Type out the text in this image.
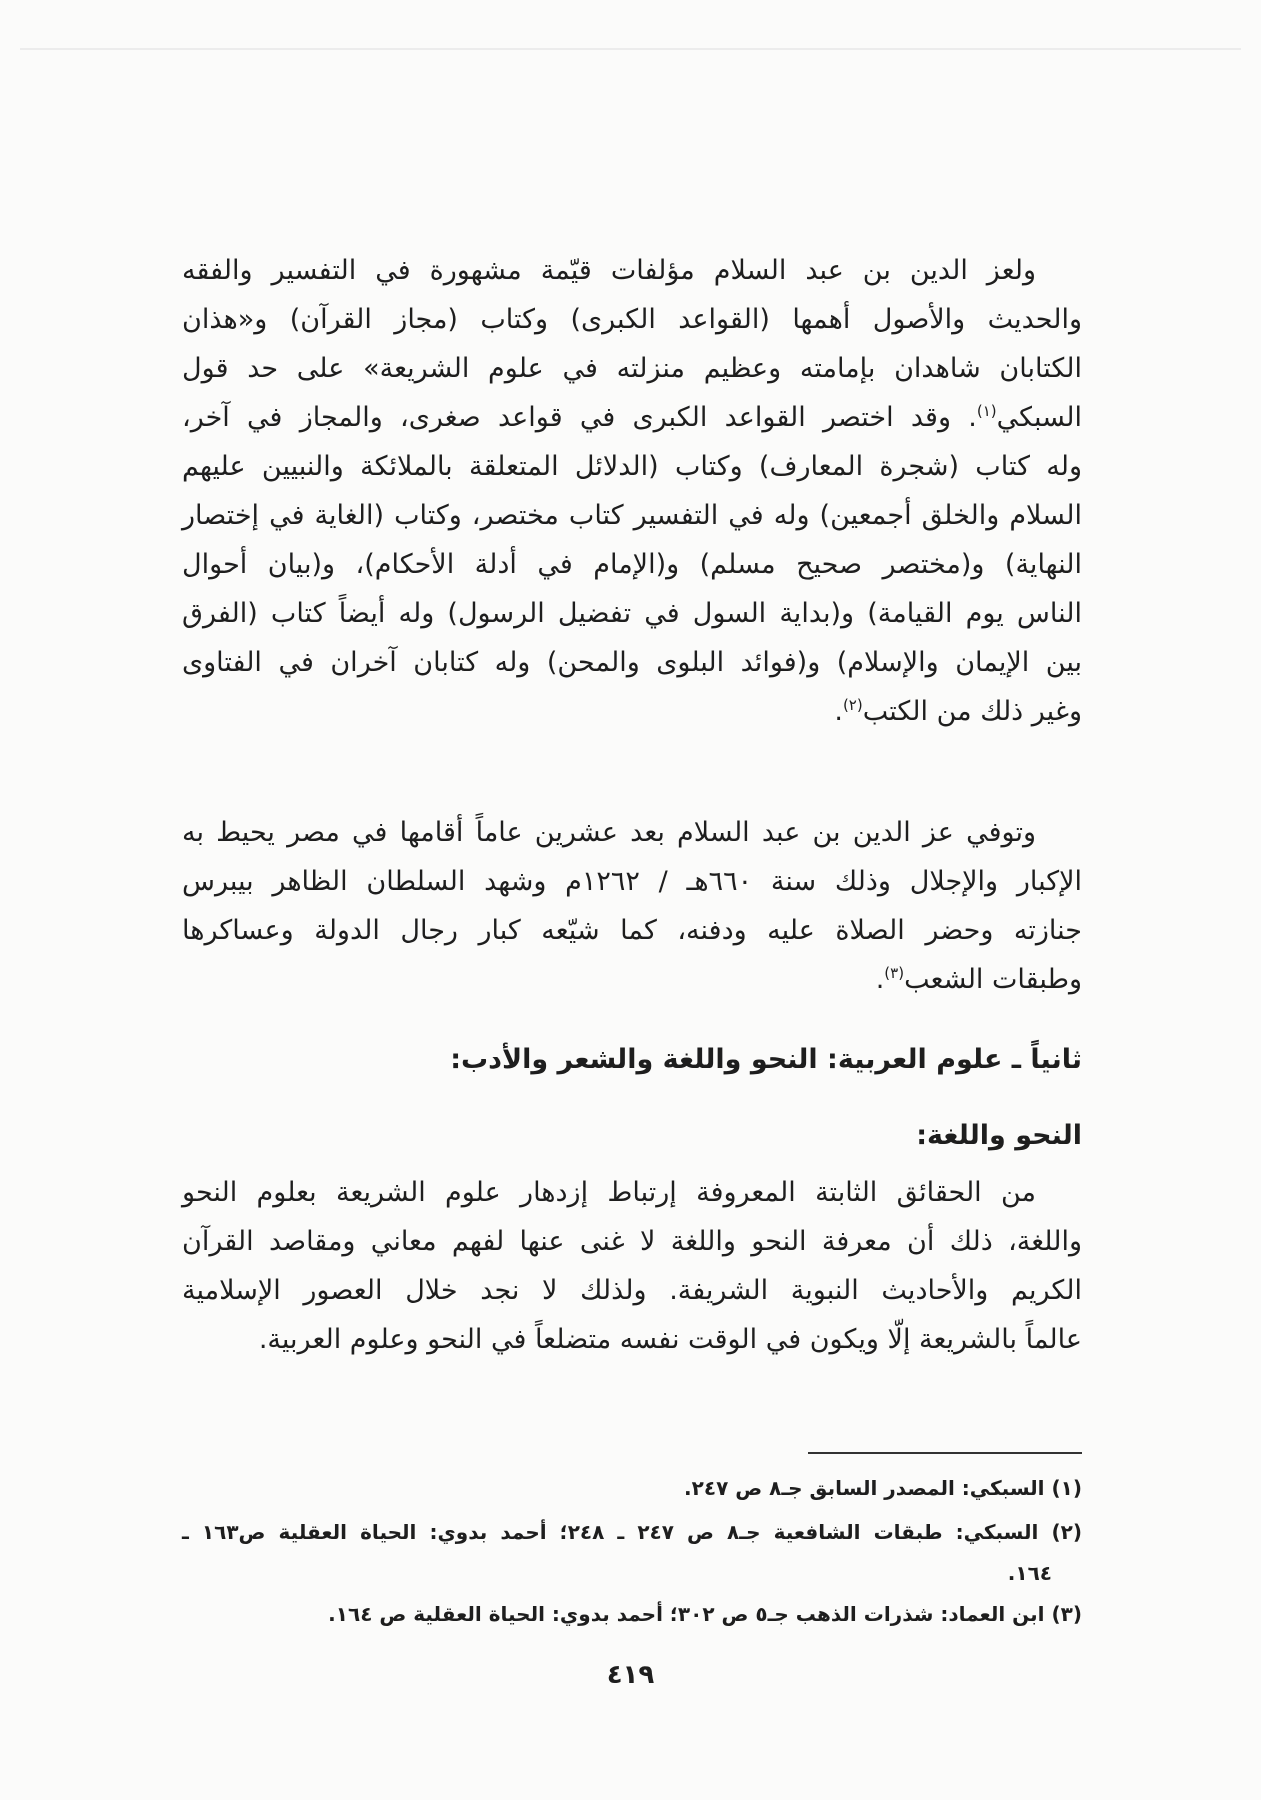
ولعز الدين بن عبد السلام مؤلفات قيّمة مشهورة في التفسير والفقه
والحديث والأصول أهمها (القواعد الكبرى) وكتاب (مجاز القرآن) و«هذان
الكتابان شاهدان بإمامته وعظيم منزلته في علوم الشريعة» على حد قول
السبكي$^{(١)}$. وقد اختصر القواعد الكبرى في قواعد صغرى، والمجاز في آخر،
وله كتاب (شجرة المعارف) وكتاب (الدلائل المتعلقة بالملائكة والنبيين عليهم
السلام والخلق أجمعين) وله في التفسير كتاب مختصر، وكتاب (الغاية في إختصار
النهاية) و(مختصر صحيح مسلم) و(الإمام في أدلة الأحكام)، و(بيان أحوال
الناس يوم القيامة) و(بداية السول في تفضيل الرسول) وله أيضاً كتاب (الفرق
بين الإيمان والإسلام) و(فوائد البلوى والمحن) وله كتابان آخران في الفتاوى
وغير ذلك من الكتب$^{(٢)}$.
وتوفي عز الدين بن عبد السلام بعد عشرين عاماً أقامها في مصر يحيط به
الإكبار والإجلال وذلك سنة ٦٦٠هـ / ١٢٦٢م وشهد السلطان الظاهر بيبرس
جنازته وحضر الصلاة عليه ودفنه، كما شيّعه كبار رجال الدولة وعساكرها
وطبقات الشعب$^{(٣)}$.
ثانياً ـ علوم العربية: النحو واللغة والشعر والأدب:
النحو واللغة:
من الحقائق الثابتة المعروفة إرتباط إزدهار علوم الشريعة بعلوم النحو
واللغة، ذلك أن معرفة النحو واللغة لا غنى عنها لفهم معاني ومقاصد القرآن
الكريم والأحاديث النبوية الشريفة. ولذلك لا نجد خلال العصور الإسلامية
عالماً بالشريعة إلّا ويكون في الوقت نفسه متضلعاً في النحو وعلوم العربية.
(١) السبكي: المصدر السابق جـ٨ ص ٢٤٧.
(٢) السبكي: طبقات الشافعية جـ٨ ص ٢٤٧ ـ ٢٤٨؛ أحمد بدوي: الحياة العقلية ص١٦٣ ـ
١٦٤.
(٣) ابن العماد: شذرات الذهب جـ٥ ص ٣٠٢؛ أحمد بدوي: الحياة العقلية ص ١٦٤.
٤١٩
